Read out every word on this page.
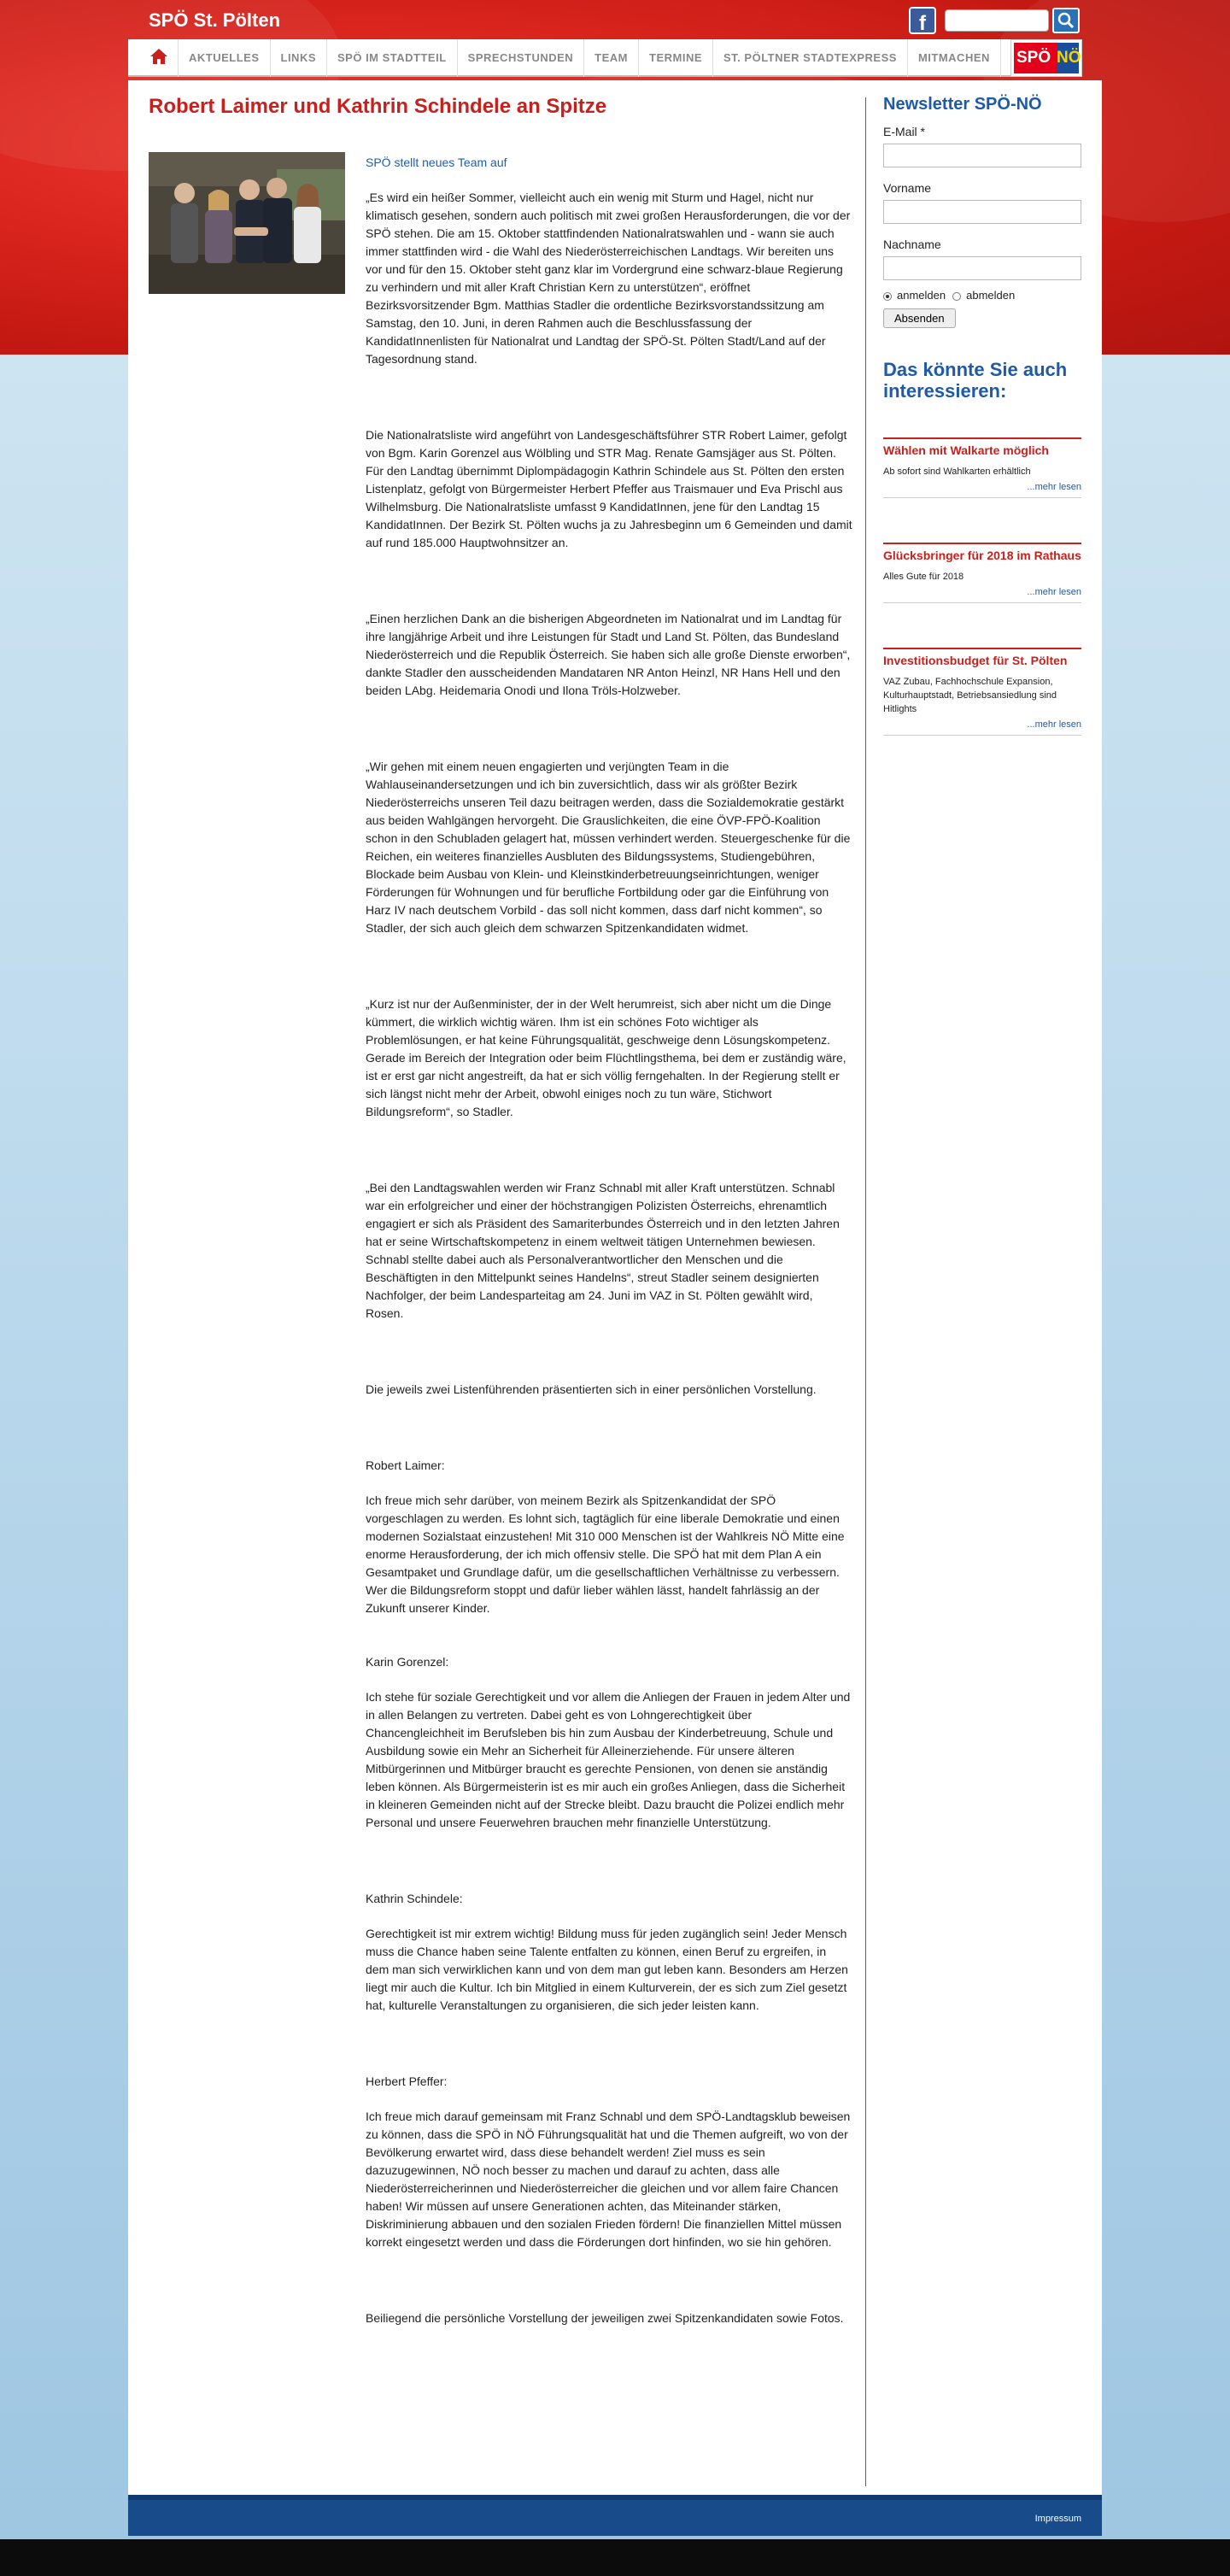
SPÖ St. Pölten	f
AKTUELLES	LINKS	SPÖ IM STADTTEIL	SPRECHSTUNDEN	TEAM	TERMINE	ST. PÖLTNER STADTEXPRESS	MITMACHEN	SPÖ NÖ
Robert Laimer und Kathrin Schindele an Spitze

SPÖ stellt neues Team auf

„Es wird ein heißer Sommer, vielleicht auch ein wenig mit Sturm und Hagel, nicht nur klimatisch gesehen, sondern auch politisch mit zwei großen Herausforderungen, die vor der SPÖ stehen. Die am 15. Oktober stattfindenden Nationalratswahlen und - wann sie auch immer stattfinden wird - die Wahl des Niederösterreichischen Landtags. Wir bereiten uns vor und für den 15. Oktober steht ganz klar im Vordergrund eine schwarz-blaue Regierung zu verhindern und mit aller Kraft Christian Kern zu unterstützen“, eröffnet Bezirksvorsitzender Bgm. Matthias Stadler die ordentliche Bezirksvorstandssitzung am Samstag, den 10. Juni, in deren Rahmen auch die Beschlussfassung der KandidatInnenlisten für Nationalrat und Landtag der SPÖ-St. Pölten Stadt/Land auf der Tagesordnung stand.

Die Nationalratsliste wird angeführt von Landesgeschäftsführer STR Robert Laimer, gefolgt von Bgm. Karin Gorenzel aus Wölbling und STR Mag. Renate Gamsjäger aus St. Pölten. Für den Landtag übernimmt Diplompädagogin Kathrin Schindele aus St. Pölten den ersten Listenplatz, gefolgt von Bürgermeister Herbert Pfeffer aus Traismauer und Eva Prischl aus Wilhelmsburg. Die Nationalratsliste umfasst 9 KandidatInnen, jene für den Landtag 15 KandidatInnen. Der Bezirk St. Pölten wuchs ja zu Jahresbeginn um 6 Gemeinden und damit auf rund 185.000 Hauptwohnsitzer an.

„Einen herzlichen Dank an die bisherigen Abgeordneten im Nationalrat und im Landtag für ihre langjährige Arbeit und ihre Leistungen für Stadt und Land St. Pölten, das Bundesland Niederösterreich und die Republik Österreich. Sie haben sich alle große Dienste erworben“, dankte Stadler den ausscheidenden Mandataren NR Anton Heinzl, NR Hans Hell und den beiden LAbg. Heidemaria Onodi und Ilona Tröls-Holzweber.

„Wir gehen mit einem neuen engagierten und verjüngten Team in die Wahlauseinandersetzungen und ich bin zuversichtlich, dass wir als größter Bezirk Niederösterreichs unseren Teil dazu beitragen werden, dass die Sozialdemokratie gestärkt aus beiden Wahlgängen hervorgeht. Die Grauslichkeiten, die eine ÖVP-FPÖ-Koalition schon in den Schubladen gelagert hat, müssen verhindert werden. Steuergeschenke für die Reichen, ein weiteres finanzielles Ausbluten des Bildungssystems, Studiengebühren, Blockade beim Ausbau von Klein- und Kleinstkinderbetreuungseinrichtungen, weniger Förderungen für Wohnungen und für berufliche Fortbildung oder gar die Einführung von Harz IV nach deutschem Vorbild - das soll nicht kommen, dass darf nicht kommen“, so Stadler, der sich auch gleich dem schwarzen Spitzenkandidaten widmet.

„Kurz ist nur der Außenminister, der in der Welt herumreist, sich aber nicht um die Dinge kümmert, die wirklich wichtig wären. Ihm ist ein schönes Foto wichtiger als Problemlösungen, er hat keine Führungsqualität, geschweige denn Lösungskompetenz. Gerade im Bereich der Integration oder beim Flüchtlingsthema, bei dem er zuständig wäre, ist er erst gar nicht angestreift, da hat er sich völlig ferngehalten. In der Regierung stellt er sich längst nicht mehr der Arbeit, obwohl einiges noch zu tun wäre, Stichwort Bildungsreform“, so Stadler.

„Bei den Landtagswahlen werden wir Franz Schnabl mit aller Kraft unterstützen. Schnabl war ein erfolgreicher und einer der höchstrangigen Polizisten Österreichs, ehrenamtlich engagiert er sich als Präsident des Samariterbundes Österreich und in den letzten Jahren hat er seine Wirtschaftskompetenz in einem weltweit tätigen Unternehmen bewiesen. Schnabl stellte dabei auch als Personalverantwortlicher den Menschen und die Beschäftigten in den Mittelpunkt seines Handelns“, streut Stadler seinem designierten Nachfolger, der beim Landesparteitag am 24. Juni im VAZ in St. Pölten gewählt wird, Rosen.

Die jeweils zwei Listenführenden präsentierten sich in einer persönlichen Vorstellung.

Robert Laimer:

Ich freue mich sehr darüber, von meinem Bezirk als Spitzenkandidat der SPÖ vorgeschlagen zu werden. Es lohnt sich, tagtäglich für eine liberale Demokratie und einen modernen Sozialstaat einzustehen! Mit 310 000 Menschen ist der Wahlkreis NÖ Mitte eine enorme Herausforderung, der ich mich offensiv stelle. Die SPÖ hat mit dem Plan A ein Gesamtpaket und Grundlage dafür, um die gesellschaftlichen Verhältnisse zu verbessern. Wer die Bildungsreform stoppt und dafür lieber wählen lässt, handelt fahrlässig an der Zukunft unserer Kinder.

Karin Gorenzel:

Ich stehe für soziale Gerechtigkeit und vor allem die Anliegen der Frauen in jedem Alter und in allen Belangen zu vertreten. Dabei geht es von Lohngerechtigkeit über Chancengleichheit im Berufsleben bis hin zum Ausbau der Kinderbetreuung, Schule und Ausbildung sowie ein Mehr an Sicherheit für Alleinerziehende. Für unsere älteren Mitbürgerinnen und Mitbürger braucht es gerechte Pensionen, von denen sie anständig leben können. Als Bürgermeisterin ist es mir auch ein großes Anliegen, dass die Sicherheit in kleineren Gemeinden nicht auf der Strecke bleibt. Dazu braucht die Polizei endlich mehr Personal und unsere Feuerwehren brauchen mehr finanzielle Unterstützung.

Kathrin Schindele:

Gerechtigkeit ist mir extrem wichtig! Bildung muss für jeden zugänglich sein! Jeder Mensch muss die Chance haben seine Talente entfalten zu können, einen Beruf zu ergreifen, in dem man sich verwirklichen kann und von dem man gut leben kann. Besonders am Herzen liegt mir auch die Kultur. Ich bin Mitglied in einem Kulturverein, der es sich zum Ziel gesetzt hat, kulturelle Veranstaltungen zu organisieren, die sich jeder leisten kann.

Herbert Pfeffer:

Ich freue mich darauf gemeinsam mit Franz Schnabl und dem SPÖ-Landtagsklub beweisen zu können, dass die SPÖ in NÖ Führungsqualität hat und die Themen aufgreift, wo von der Bevölkerung erwartet wird, dass diese behandelt werden! Ziel muss es sein dazuzugewinnen, NÖ noch besser zu machen und darauf zu achten, dass alle Niederösterreicherinnen und Niederösterreicher die gleichen und vor allem faire Chancen haben! Wir müssen auf unsere Generationen achten, das Miteinander stärken, Diskriminierung abbauen und den sozialen Frieden fördern! Die finanziellen Mittel müssen korrekt eingesetzt werden und dass die Förderungen dort hinfinden, wo sie hin gehören.

Beiliegend die persönliche Vorstellung der jeweiligen zwei Spitzenkandidaten sowie Fotos.

Newsletter SPÖ-NÖ
E-Mail *
Vorname
Nachname
anmelden abmelden
Absenden
Das könnte Sie auch interessieren:
Wählen mit Walkarte möglich
Ab sofort sind Wahlkarten erhältlich
...mehr lesen
Glücksbringer für 2018 im Rathaus
Alles Gute für 2018
...mehr lesen
Investitionsbudget für St. Pölten
VAZ Zubau, Fachhochschule Expansion, Kulturhauptstadt, Betriebsansiedlung sind Hitlights
...mehr lesen
Impressum
